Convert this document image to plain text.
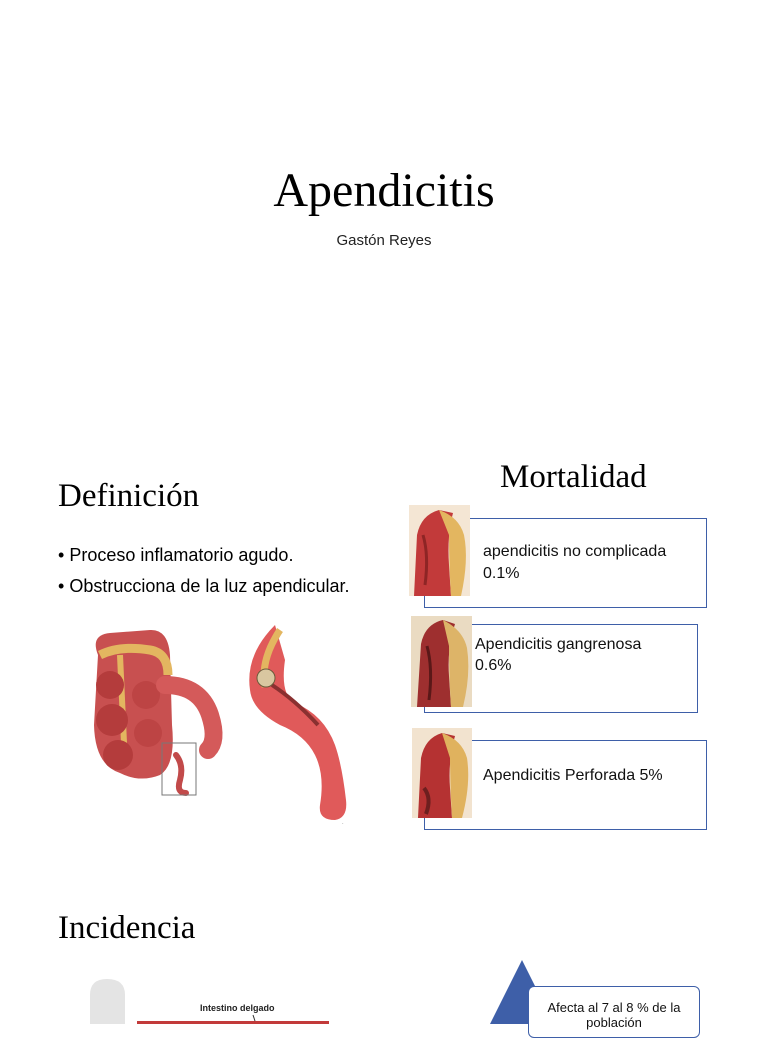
Apendicitis
Gastón Reyes
Definición
• Proceso inflamatorio agudo.
• Obstrucciona de la luz apendicular.
·
Mortalidad
apendicitis no complicada
0.1%
Apendicitis gangrenosa
0.6%
Apendicitis Perforada 5%
Incidencia
Intestino delgado	Afecta al 7 al 8 % de la
población
